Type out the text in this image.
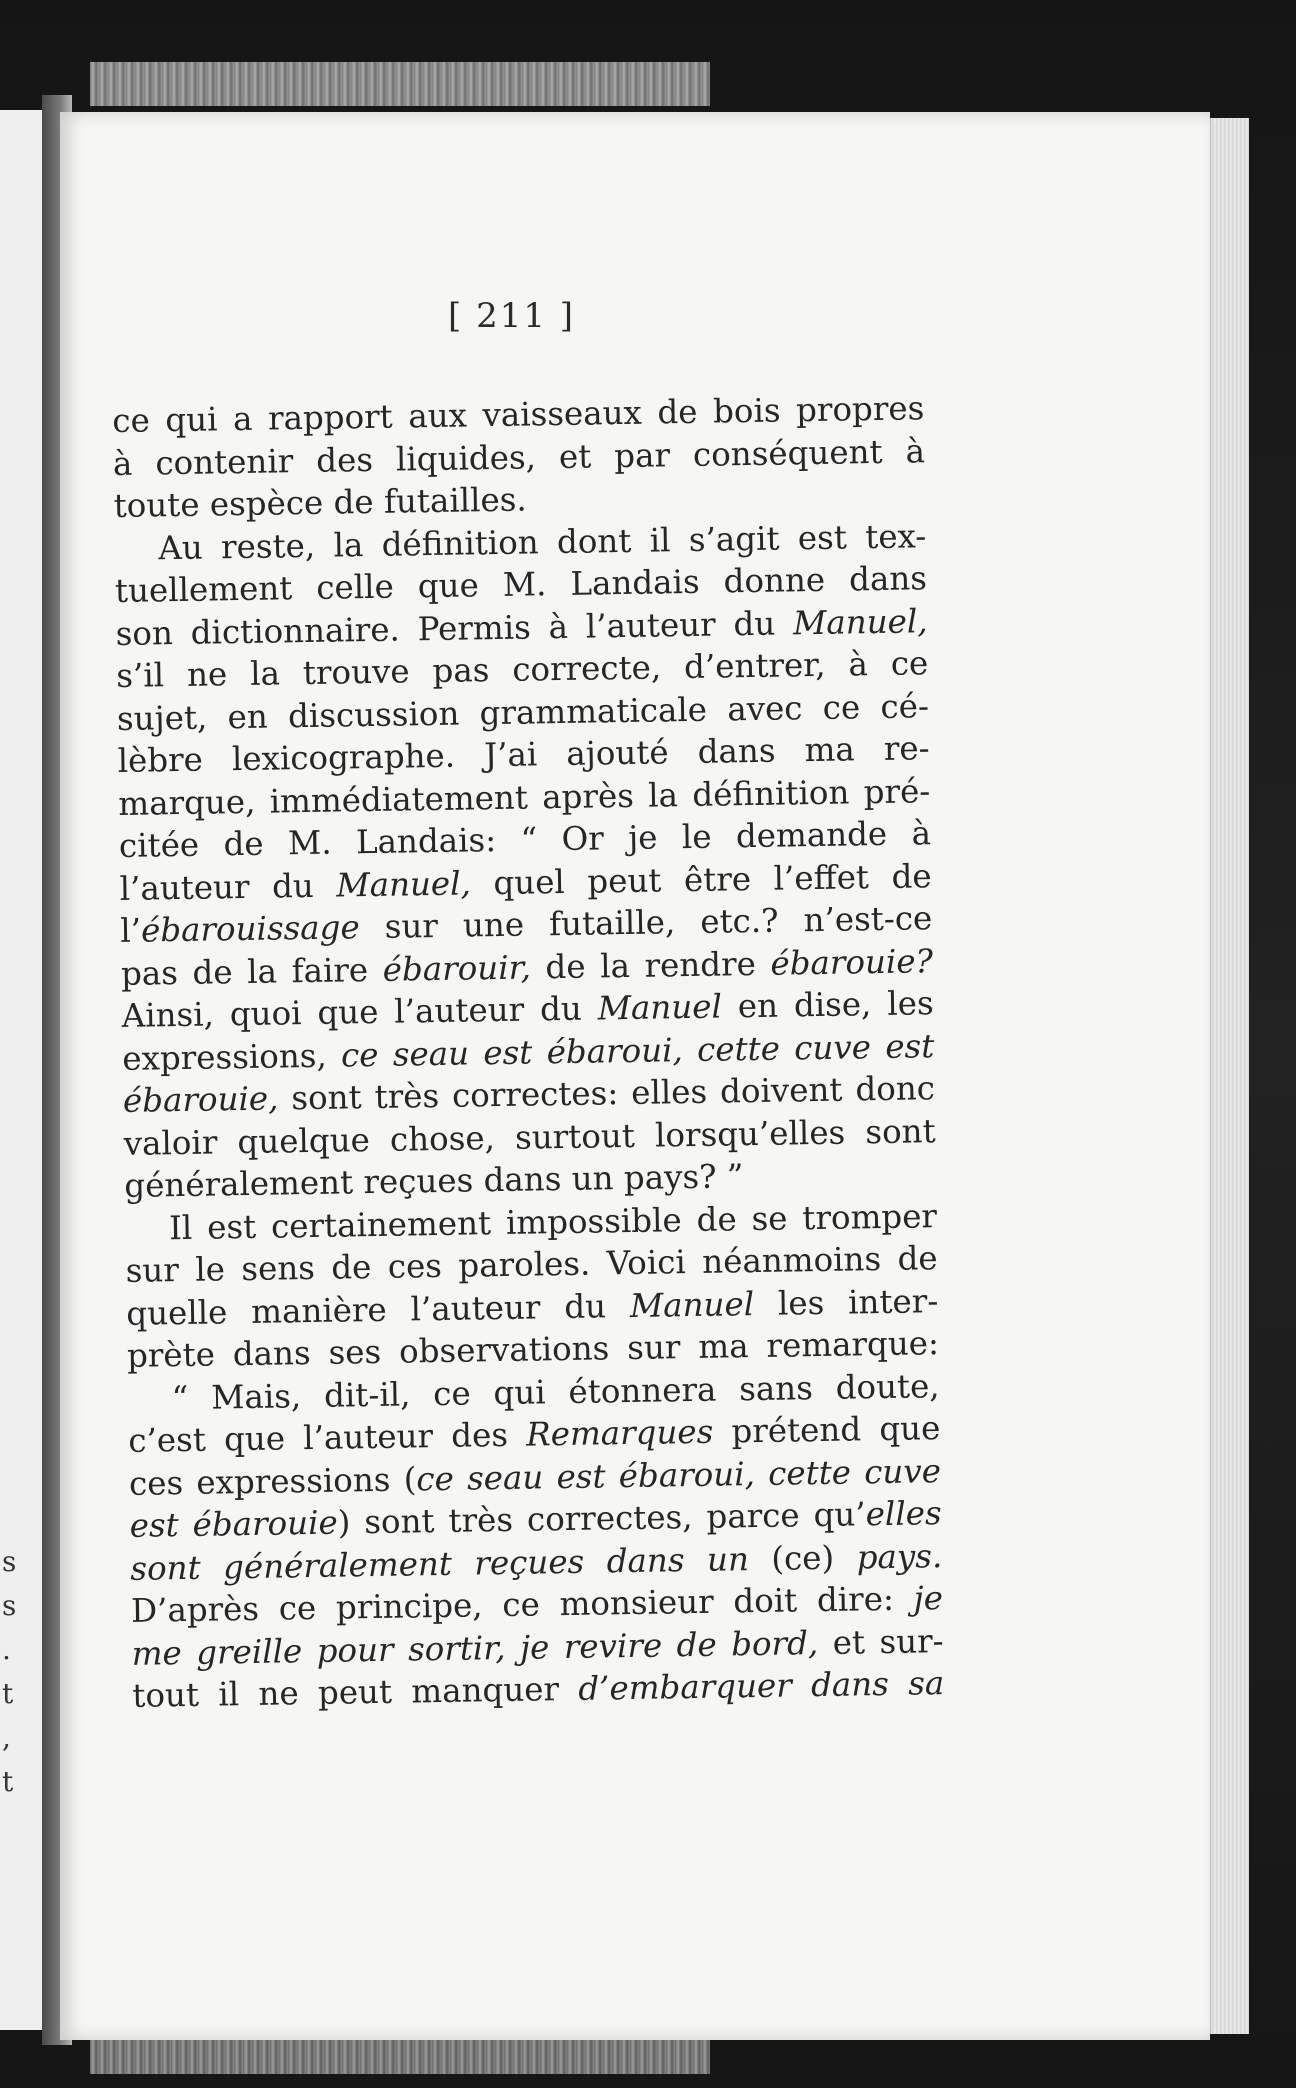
s
s
.
t
,
t
[ 211 ]
ce qui a rapport aux vaisseaux de bois propres
à contenir des liquides, et par conséquent à
toute espèce de futailles.
Au reste, la définition dont il s’agit est tex-
tuellement celle que M. Landais donne dans
son dictionnaire. Permis à l’auteur du Manuel,
s’il ne la trouve pas correcte, d’entrer, à ce
sujet, en discussion grammaticale avec ce cé-
lèbre lexicographe. J’ai ajouté dans ma re-
marque, immédiatement après la définition pré-
citée de M. Landais: “ Or je le demande à
l’auteur du Manuel, quel peut être l’effet de
l’ébarouissage sur une futaille, etc.? n’est-ce
pas de la faire ébarouir, de la rendre ébarouie?
Ainsi, quoi que l’auteur du Manuel en dise, les
expressions, ce seau est ébaroui, cette cuve est
ébarouie, sont très correctes: elles doivent donc
valoir quelque chose, surtout lorsqu’elles sont
généralement reçues dans un pays? ”
Il est certainement impossible de se tromper
sur le sens de ces paroles. Voici néanmoins de
quelle manière l’auteur du Manuel les inter-
prète dans ses observations sur ma remarque:
“ Mais, dit-il, ce qui étonnera sans doute,
c’est que l’auteur des Remarques prétend que
ces expressions (ce seau est ébaroui, cette cuve
est ébarouie) sont très correctes, parce qu’elles
sont généralement reçues dans un (ce) pays.
D’après ce principe, ce monsieur doit dire: je
me greille pour sortir, je revire de bord, et sur-
tout il ne peut manquer d’embarquer dans sa
